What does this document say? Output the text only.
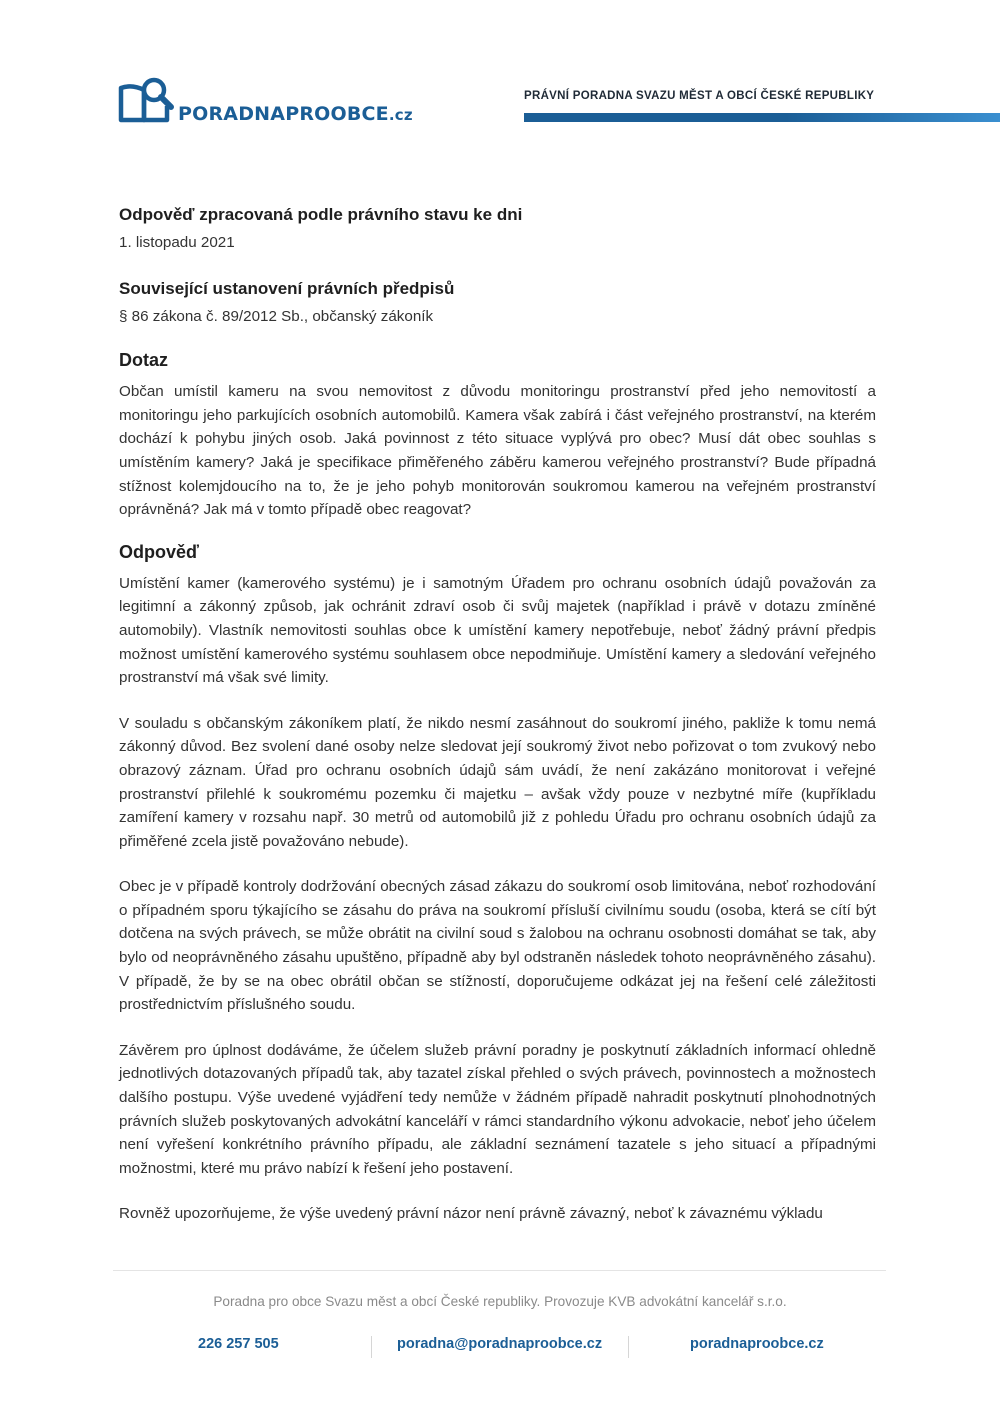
PORADNAPROOBCE.cz
PRÁVNÍ PORADNA SVAZU MĚST A OBCÍ ČESKÉ REPUBLIKY
Odpověď zpracovaná podle právního stavu ke dni
1. listopadu 2021
Související ustanovení právních předpisů
§ 86 zákona č. 89/2012 Sb., občanský zákoník
Dotaz

Občan umístil kameru na svou nemovitost z důvodu monitoringu prostranství před jeho nemovitostí a monitoringu jeho parkujících osobních automobilů. Kamera však zabírá i část veřejného prostranství, na kterém dochází k pohybu jiných osob. Jaká povinnost z této situace vyplývá pro obec? Musí dát obec souhlas s umístěním kamery? Jaká je specifikace přiměřeného záběru kamerou veřejného prostranství? Bude případná stížnost kolemjdoucího na to, že je jeho pohyb monitorován soukromou kamerou na veřejném prostranství oprávněná? Jak má v tomto případě obec reagovat?

Odpověď

Umístění kamer (kamerového systému) je i samotným Úřadem pro ochranu osobních údajů považován za legitimní a zákonný způsob, jak ochránit zdraví osob či svůj majetek (například i právě v dotazu zmíněné automobily). Vlastník nemovitosti souhlas obce k umístění kamery nepotřebuje, neboť žádný právní předpis možnost umístění kamerového systému souhlasem obce nepodmiňuje. Umístění kamery a sledování veřejného prostranství má však své limity.

V souladu s občanským zákoníkem platí, že nikdo nesmí zasáhnout do soukromí jiného, pakliže k tomu nemá zákonný důvod. Bez svolení dané osoby nelze sledovat její soukromý život nebo pořizovat o tom zvukový nebo obrazový záznam. Úřad pro ochranu osobních údajů sám uvádí, že není zakázáno monitorovat i veřejné prostranství přilehlé k soukromému pozemku či majetku – avšak vždy pouze v nezbytné míře (kupříkladu zamíření kamery v rozsahu např. 30 metrů od automobilů již z pohledu Úřadu pro ochranu osobních údajů za přiměřené zcela jistě považováno nebude).

Obec je v případě kontroly dodržování obecných zásad zákazu do soukromí osob limitována, neboť rozhodování o případném sporu týkajícího se zásahu do práva na soukromí přísluší civilnímu soudu (osoba, která se cítí být dotčena na svých právech, se může obrátit na civilní soud s žalobou na ochranu osobnosti domáhat se tak, aby bylo od neoprávněného zásahu upuštěno, případně aby byl odstraněn následek tohoto neoprávněného zásahu). V případě, že by se na obec obrátil občan se stížností, doporučujeme odkázat jej na řešení celé záležitosti prostřednictvím příslušného soudu.

Závěrem pro úplnost dodáváme, že účelem služeb právní poradny je poskytnutí základních informací ohledně jednotlivých dotazovaných případů tak, aby tazatel získal přehled o svých právech, povinnostech a možnostech dalšího postupu. Výše uvedené vyjádření tedy nemůže v žádném případě nahradit poskytnutí plnohodnotných právních služeb poskytovaných advokátní kanceláří v rámci standardního výkonu advokacie, neboť jeho účelem není vyřešení konkrétního právního případu, ale základní seznámení tazatele s jeho situací a případnými možnostmi, které mu právo nabízí k řešení jeho postavení.

Rovněž upozorňujeme, že výše uvedený právní názor není právně závazný, neboť k závaznému výkladu

Poradna pro obce Svazu měst a obcí České republiky. Provozuje KVB advokátní kancelář s.r.o.
226 257 505	poradna@poradnaproobce.cz	poradnaproobce.cz
